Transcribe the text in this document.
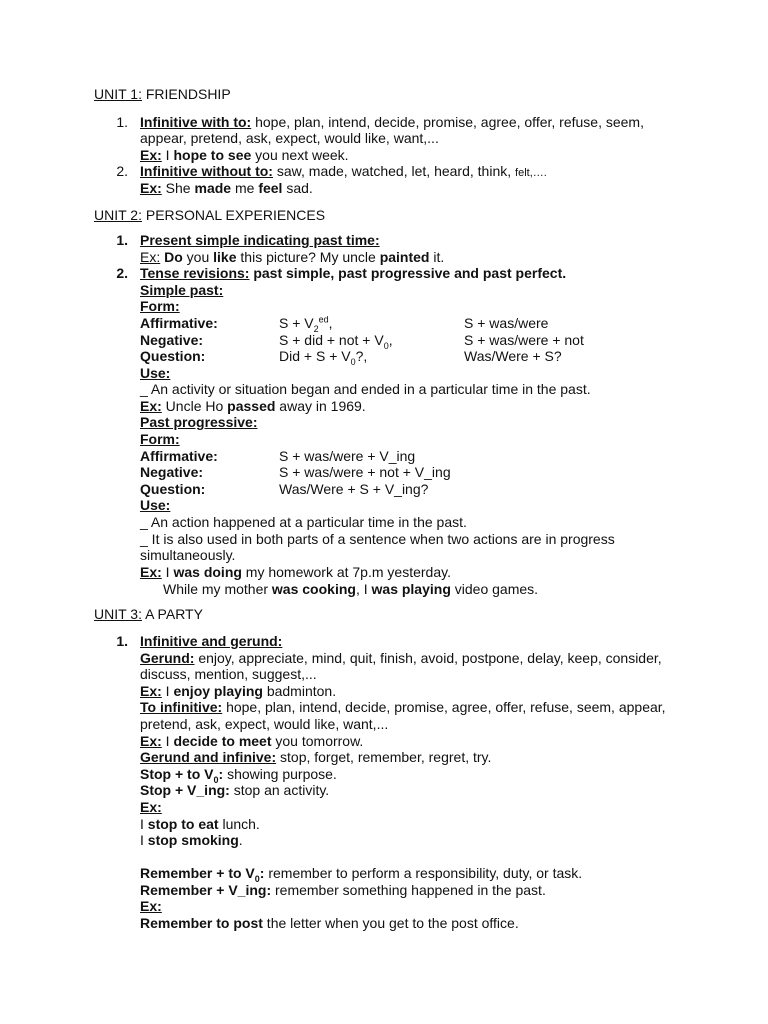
UNIT 1: FRIENDSHIP
1. Infinitive with to: hope, plan, intend, decide, promise, agree, offer, refuse, seem,
appear, pretend, ask, expect, would like, want,...
Ex: I hope to see you next week.
2. Infinitive without to: saw, made, watched, let, heard, think, felt,….
Ex: She made me feel sad.
UNIT 2: PERSONAL EXPERIENCES
1. Present simple indicating past time:
Ex: Do you like this picture? My uncle painted it.
2. Tense revisions: past simple, past progressive and past perfect.
Simple past:
Form:
Affirmative:	$S + V_2^{ed}$,	S + was/were
Negative:	S + did + not + $V_0$,	S + was/were + not
Question:	Did + $S + V_0$?,	Was/Were + S?
Use:
_ An activity or situation began and ended in a particular time in the past.
Ex: Uncle Ho passed away in 1969.
Past progressive:
Form:
Affirmative:	S + was/were + V_ing
Negative:	S + was/were + not + V_ing
Question:	Was/Were + S + V_ing?
Use:
_ An action happened at a particular time in the past.
_ It is also used in both parts of a sentence when two actions are in progress
simultaneously.
Ex: I was doing my homework at 7p.m yesterday.
While my mother was cooking, I was playing video games.
UNIT 3: A PARTY
1. Infinitive and gerund:
Gerund: enjoy, appreciate, mind, quit, finish, avoid, postpone, delay, keep, consider,
discuss, mention, suggest,...
Ex: I enjoy playing badminton.
To infinitive: hope, plan, intend, decide, promise, agree, offer, refuse, seem, appear,
pretend, ask, expect, would like, want,...
Ex: I decide to meet you tomorrow.
Gerund and infinive: stop, forget, remember, regret, try.
Stop + to $V_0$: showing purpose.
Stop + V_ing: stop an activity.
Ex:
I stop to eat lunch.
I stop smoking.
Remember + to $V_0$: remember to perform a responsibility, duty, or task.
Remember + V_ing: remember something happened in the past.
Ex:
Remember to post the letter when you get to the post office.
